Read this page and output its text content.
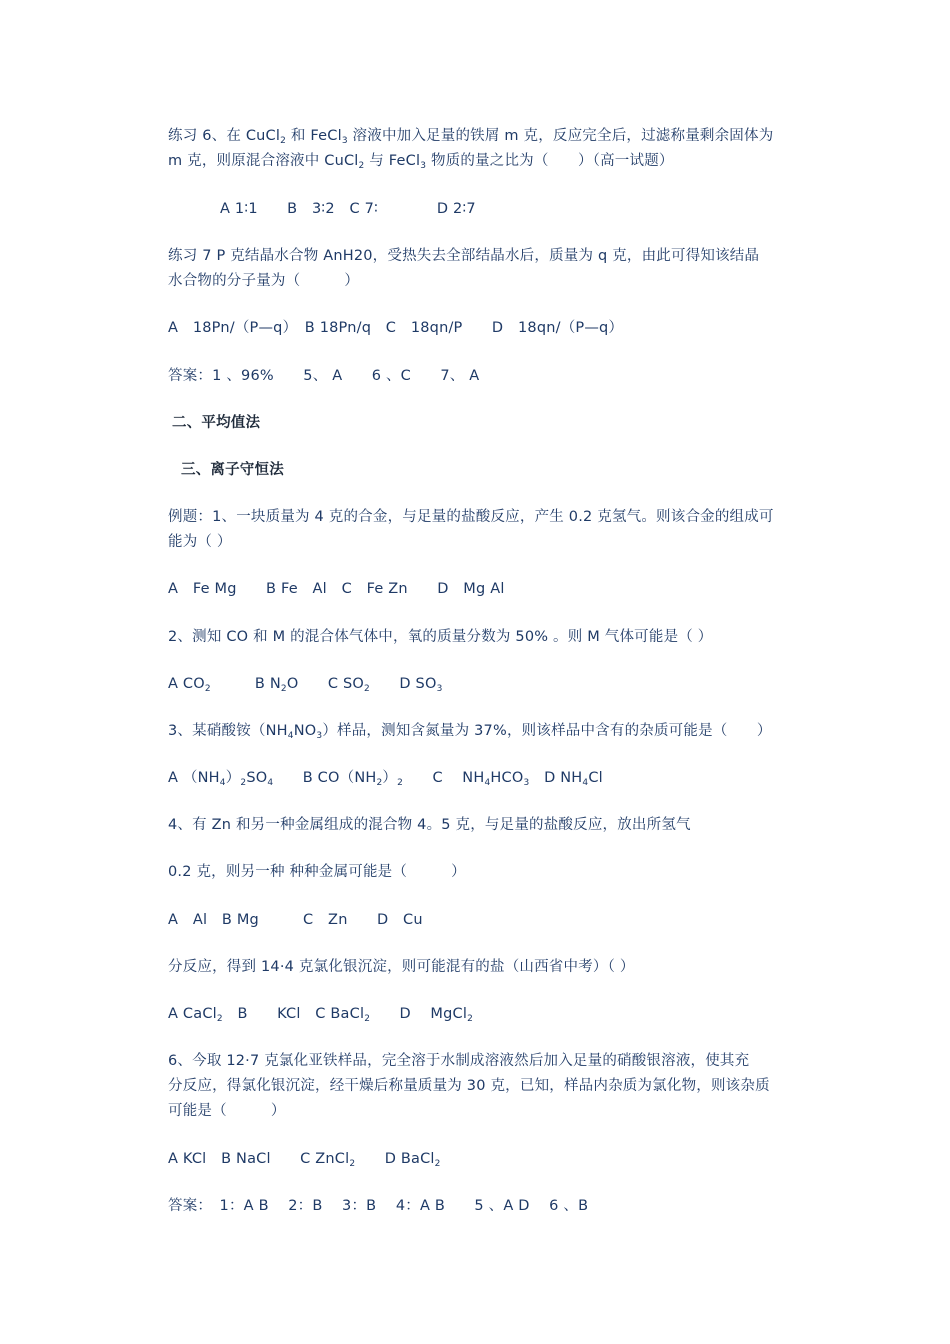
练习 6、在 CuCl$_2$ 和 FeCl$_3$ 溶液中加入足量的铁屑 m 克，反应完全后，过滤称量剩余固体为
m 克，则原混合溶液中 CuCl$_2$ 与 FeCl$_3$ 物质的量之比为（　　）（高一试题）
A 1∶1　　B　3∶2　C 7∶　　　　D 2∶7
练习 7 P 克结晶水合物 AnH20，受热失去全部结晶水后，质量为 q 克，由此可得知该结晶
水合物的分子量为（　　　）
A　18Pn/（P—q）　B 18Pn/q　C　18qn/P　　D　18qn/（P—q）
答案：1 、96%　　5、 A　　6 、C　　7、 A
二、平均值法
三、离子守恒法
例题：1、一块质量为 4 克的合金，与足量的盐酸反应，产生 0.2 克氢气。则该合金的组成可
能为（ ）
A　Fe Mg　　B Fe　Al　C　Fe Zn　　D　Mg Al
2、测知 CO 和 M 的混合体气体中，氧的质量分数为 50% 。则 M 气体可能是（ ）
A $CO_2$　　　B $N_2O$　　C $SO_2$　　D $SO_3$
3、某硝酸铵$(NH_4NO_3)$样品，测知含氮量为 37%，则该样品中含有的杂质可能是（　　）
A $(NH_4)_2SO_4$　　B $CO(NH_2)_2$　　C　 $NH_4HCO_3$　D $NH_4Cl$
4、有 Zn 和另一种金属组成的混合物 4。5 克，与足量的盐酸反应，放出所氢气
0.2 克，则另一种 种种金属可能是（　　　）
A　Al　B Mg　　　C　Zn　　D　Cu
分反应，得到 14·4 克氯化银沉淀，则可能混有的盐（山西省中考）（ ）
A CaCl$_2$　B　　KCl　C BaCl$_2$　　D　 MgCl$_2$
6、今取 12·7 克氯化亚铁样品，完全溶于水制成溶液然后加入足量的硝酸银溶液，使其充
分反应，得氯化银沉淀，经干燥后称量质量为 30 克，已知，样品内杂质为氯化物，则该杂质
可能是（　　　）
A KCl　B NaCl　　C ZnCl$_2$　　D BaCl$_2$
答案：　1：A B　 2：B　 3：B　 4：A B　　5 、A D　 6 、B
